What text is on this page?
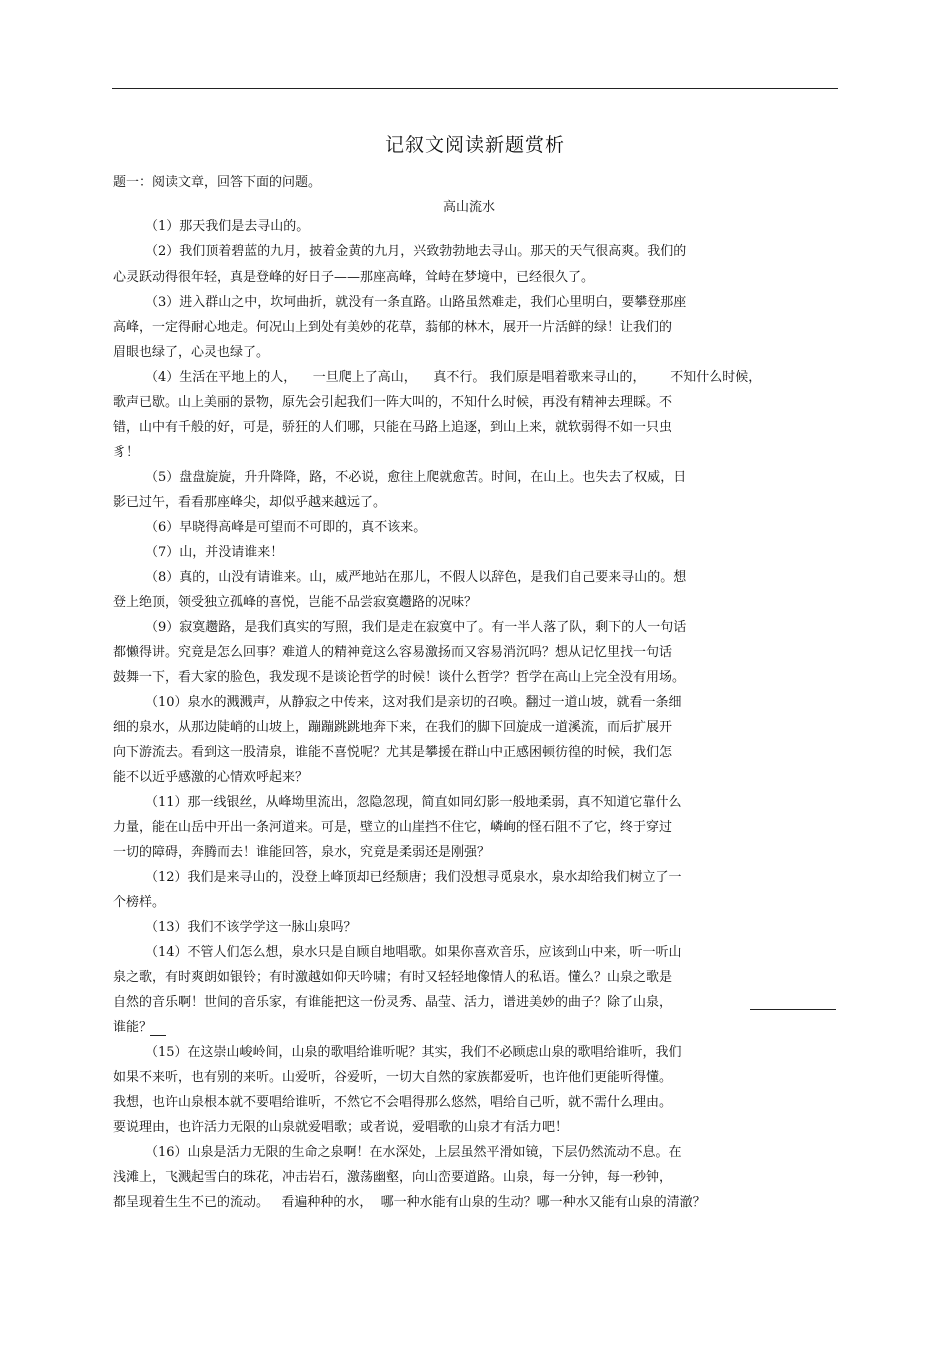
记叙文阅读新题赏析
题一：阅读文章，回答下面的问题。
高山流水
（1）那天我们是去寻山的。
（2）我们顶着碧蓝的九月，披着金黄的九月，兴致勃勃地去寻山。那天的天气很高爽。我们的
心灵跃动得很年轻，真是登峰的好日子——那座高峰，耸峙在梦境中，已经很久了。
（3）进入群山之中，坎坷曲折，就没有一条直路。山路虽然难走，我们心里明白，要攀登那座
高峰，一定得耐心地走。何况山上到处有美妙的花草，蓊郁的林木，展开一片活鲜的绿！让我们的
眉眼也绿了，心灵也绿了。
（4）生活在平地上的人，    一旦爬上了高山，    真不行。 我们原是唱着歌来寻山的，      不知什么时候，
歌声已歇。山上美丽的景物，原先会引起我们一阵大叫的，不知什么时候，再没有精神去理睬。不
错，山中有千般的好，可是，骄狂的人们哪，只能在马路上追逐，到山上来，就软弱得不如一只虫
豸！
（5）盘盘旋旋，升升降降，路，不必说，愈往上爬就愈苦。时间，在山上。也失去了权威，日
影已过午，看看那座峰尖，却似乎越来越远了。
（6）早晓得高峰是可望而不可即的，真不该来。
（7）山，并没请谁来！
（8）真的，山没有请谁来。山，威严地站在那儿，不假人以辞色，是我们自己要来寻山的。想
登上绝顶，领受独立孤峰的喜悦，岂能不品尝寂寞趱路的况味？
（9）寂寞趱路，是我们真实的写照，我们是走在寂寞中了。有一半人落了队，剩下的人一句话
都懒得讲。究竟是怎么回事？难道人的精神竟这么容易激扬而又容易消沉吗？想从记忆里找一句话
鼓舞一下，看大家的脸色，我发现不是谈论哲学的时候！谈什么哲学？哲学在高山上完全没有用场。
（10）泉水的溅溅声，从静寂之中传来，这对我们是亲切的召唤。翻过一道山坡，就看一条细
细的泉水，从那边陡峭的山坡上，蹦蹦跳跳地奔下来，在我们的脚下回旋成一道溪流，而后扩展开
向下游流去。看到这一股清泉，谁能不喜悦呢？尤其是攀援在群山中正感困顿彷徨的时候，我们怎
能不以近乎感激的心情欢呼起来？
（11）那一线银丝，从峰坳里流出，忽隐忽现，简直如同幻影一般地柔弱，真不知道它靠什么
力量，能在山岳中开出一条河道来。可是，壁立的山崖挡不住它，嶙峋的怪石阻不了它，终于穿过
一切的障碍，奔腾而去！谁能回答，泉水，究竟是柔弱还是刚强？
（12）我们是来寻山的，没登上峰顶却已经颓唐；我们没想寻觅泉水，泉水却给我们树立了一
个榜样。
（13）我们不该学学这一脉山泉吗？
（14）不管人们怎么想，泉水只是自顾自地唱歌。如果你喜欢音乐，应该到山中来，听一听山
泉之歌，有时爽朗如银铃；有时激越如仰天吟啸；有时又轻轻地像情人的私语。懂么？山泉之歌是
自然的音乐啊！世间的音乐家，有谁能把这一份灵秀、晶莹、活力，谱进美妙的曲子？除了山泉，
谁能？
（15）在这崇山峻岭间，山泉的歌唱给谁听呢？其实，我们不必顾虑山泉的歌唱给谁听，我们
如果不来听，也有别的来听。山爱听，谷爱听，一切大自然的家族都爱听，也许他们更能听得懂。
我想，也许山泉根本就不要唱给谁听，不然它不会唱得那么悠然，唱给自己听，就不需什么理由。
要说理由，也许活力无限的山泉就爱唱歌；或者说，爱唱歌的山泉才有活力吧！
（16）山泉是活力无限的生命之泉啊！在水深处，上层虽然平滑如镜，下层仍然流动不息。在
浅滩上，飞溅起雪白的珠花，冲击岩石，激荡幽壑，向山峦要道路。山泉，每一分钟，每一秒钟，
都呈现着生生不已的流动。   看遍种种的水，  哪一种水能有山泉的生动？哪一种水又能有山泉的清澈？
